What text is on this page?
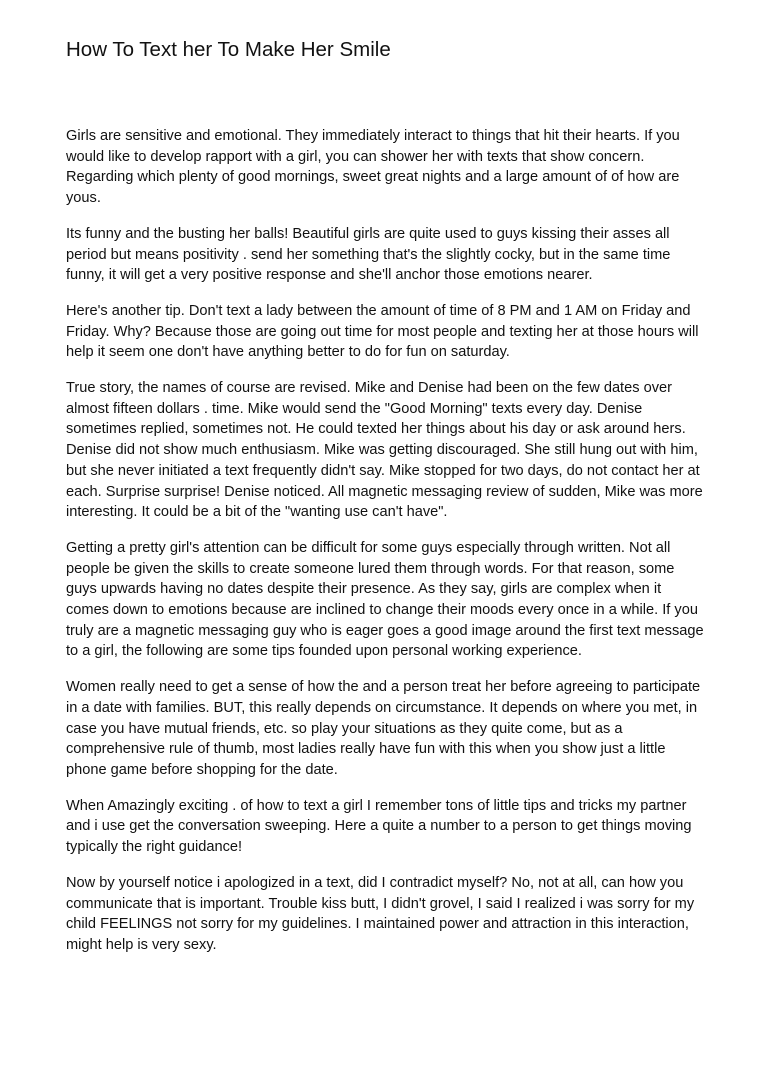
How To Text her To Make Her Smile

Girls are sensitive and emotional. They immediately interact to things that hit their hearts. If you would like to develop rapport with a girl, you can shower her with texts that show concern. Regarding which plenty of good mornings, sweet great nights and a large amount of of how are yous.

Its funny and the busting her balls! Beautiful girls are quite used to guys kissing their asses all period but means positivity . send her something that's the slightly cocky, but in the same time funny, it will get a very positive response and she'll anchor those emotions nearer.

Here's another tip. Don't text a lady between the amount of time of 8 PM and 1 AM on Friday and Friday. Why? Because those are going out time for most people and texting her at those hours will help it seem one don't have anything better to do for fun on saturday.

True story, the names of course are revised. Mike and Denise had been on the few dates over almost fifteen dollars . time. Mike would send the "Good Morning" texts every day. Denise sometimes replied, sometimes not. He could texted her things about his day or ask around hers. Denise did not show much enthusiasm. Mike was getting discouraged. She still hung out with him, but she never initiated a text frequently didn't say. Mike stopped for two days, do not contact her at each. Surprise surprise! Denise noticed. All magnetic messaging review of sudden, Mike was more interesting. It could be a bit of the "wanting use can't have".

Getting a pretty girl's attention can be difficult for some guys especially through written. Not all people be given the skills to create someone lured them through words. For that reason, some guys upwards having no dates despite their presence. As they say, girls are complex when it comes down to emotions because are inclined to change their moods every once in a while. If you truly are a magnetic messaging guy who is eager goes a good image around the first text message to a girl, the following are some tips founded upon personal working experience.

Women really need to get a sense of how the and a person treat her before agreeing to participate in a date with families. BUT, this really depends on circumstance. It depends on where you met, in case you have mutual friends, etc. so play your situations as they quite come, but as a comprehensive rule of thumb, most ladies really have fun with this when you show just a little phone game before shopping for the date.

When Amazingly exciting . of how to text a girl I remember tons of little tips and tricks my partner and i use get the conversation sweeping. Here a quite a number to a person to get things moving typically the right guidance!

Now by yourself notice i apologized in a text, did I contradict myself? No, not at all, can how you communicate that is important. Trouble kiss butt, I didn't grovel, I said I realized i was sorry for my child FEELINGS not sorry for my guidelines. I maintained power and attraction in this interaction, might help is very sexy.
